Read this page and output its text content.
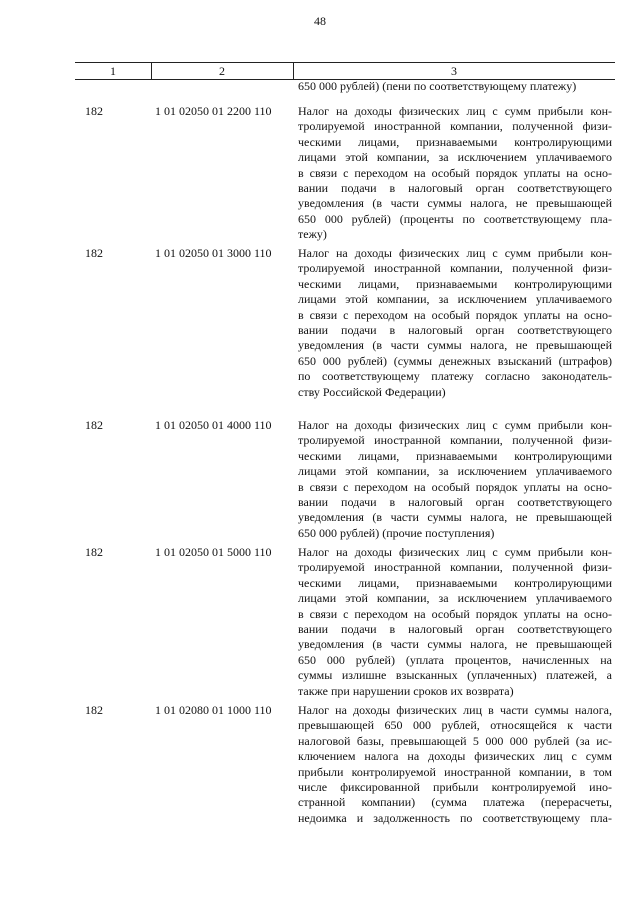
48
1	2	3
650 000 рублей) (пени по соответствующему платежу)
182	1 01 02050 01 2200 110	Налог на доходы физических лиц с сумм прибыли кон-
тролируемой иностранной компании, полученной физи-
ческими лицами, признаваемыми контролирующими
лицами этой компании, за исключением уплачиваемого
в связи с переходом на особый порядок уплаты на осно-
вании подачи в налоговый орган соответствующего
уведомления (в части суммы налога, не превышающей
650 000 рублей) (проценты по соответствующему пла-
тежу)
182	1 01 02050 01 3000 110	Налог на доходы физических лиц с сумм прибыли кон-
тролируемой иностранной компании, полученной физи-
ческими лицами, признаваемыми контролирующими
лицами этой компании, за исключением уплачиваемого
в связи с переходом на особый порядок уплаты на осно-
вании подачи в налоговый орган соответствующего
уведомления (в части суммы налога, не превышающей
650 000 рублей) (суммы денежных взысканий (штрафов)
по соответствующему платежу согласно законодатель-
ству Российской Федерации)
182	1 01 02050 01 4000 110	Налог на доходы физических лиц с сумм прибыли кон-
тролируемой иностранной компании, полученной физи-
ческими лицами, признаваемыми контролирующими
лицами этой компании, за исключением уплачиваемого
в связи с переходом на особый порядок уплаты на осно-
вании подачи в налоговый орган соответствующего
уведомления (в части суммы налога, не превышающей
650 000 рублей) (прочие поступления)
182	1 01 02050 01 5000 110	Налог на доходы физических лиц с сумм прибыли кон-
тролируемой иностранной компании, полученной физи-
ческими лицами, признаваемыми контролирующими
лицами этой компании, за исключением уплачиваемого
в связи с переходом на особый порядок уплаты на осно-
вании подачи в налоговый орган соответствующего
уведомления (в части суммы налога, не превышающей
650 000 рублей) (уплата процентов, начисленных на
суммы излишне взысканных (уплаченных) платежей, а
также при нарушении сроков их возврата)
182	1 01 02080 01 1000 110	Налог на доходы физических лиц в части суммы налога,
превышающей 650 000 рублей, относящейся к части
налоговой базы, превышающей 5 000 000 рублей (за ис-
ключением налога на доходы физических лиц с сумм
прибыли контролируемой иностранной компании, в том
числе фиксированной прибыли контролируемой ино-
странной компании) (сумма платежа (перерасчеты,
недоимка и задолженность по соответствующему пла-
